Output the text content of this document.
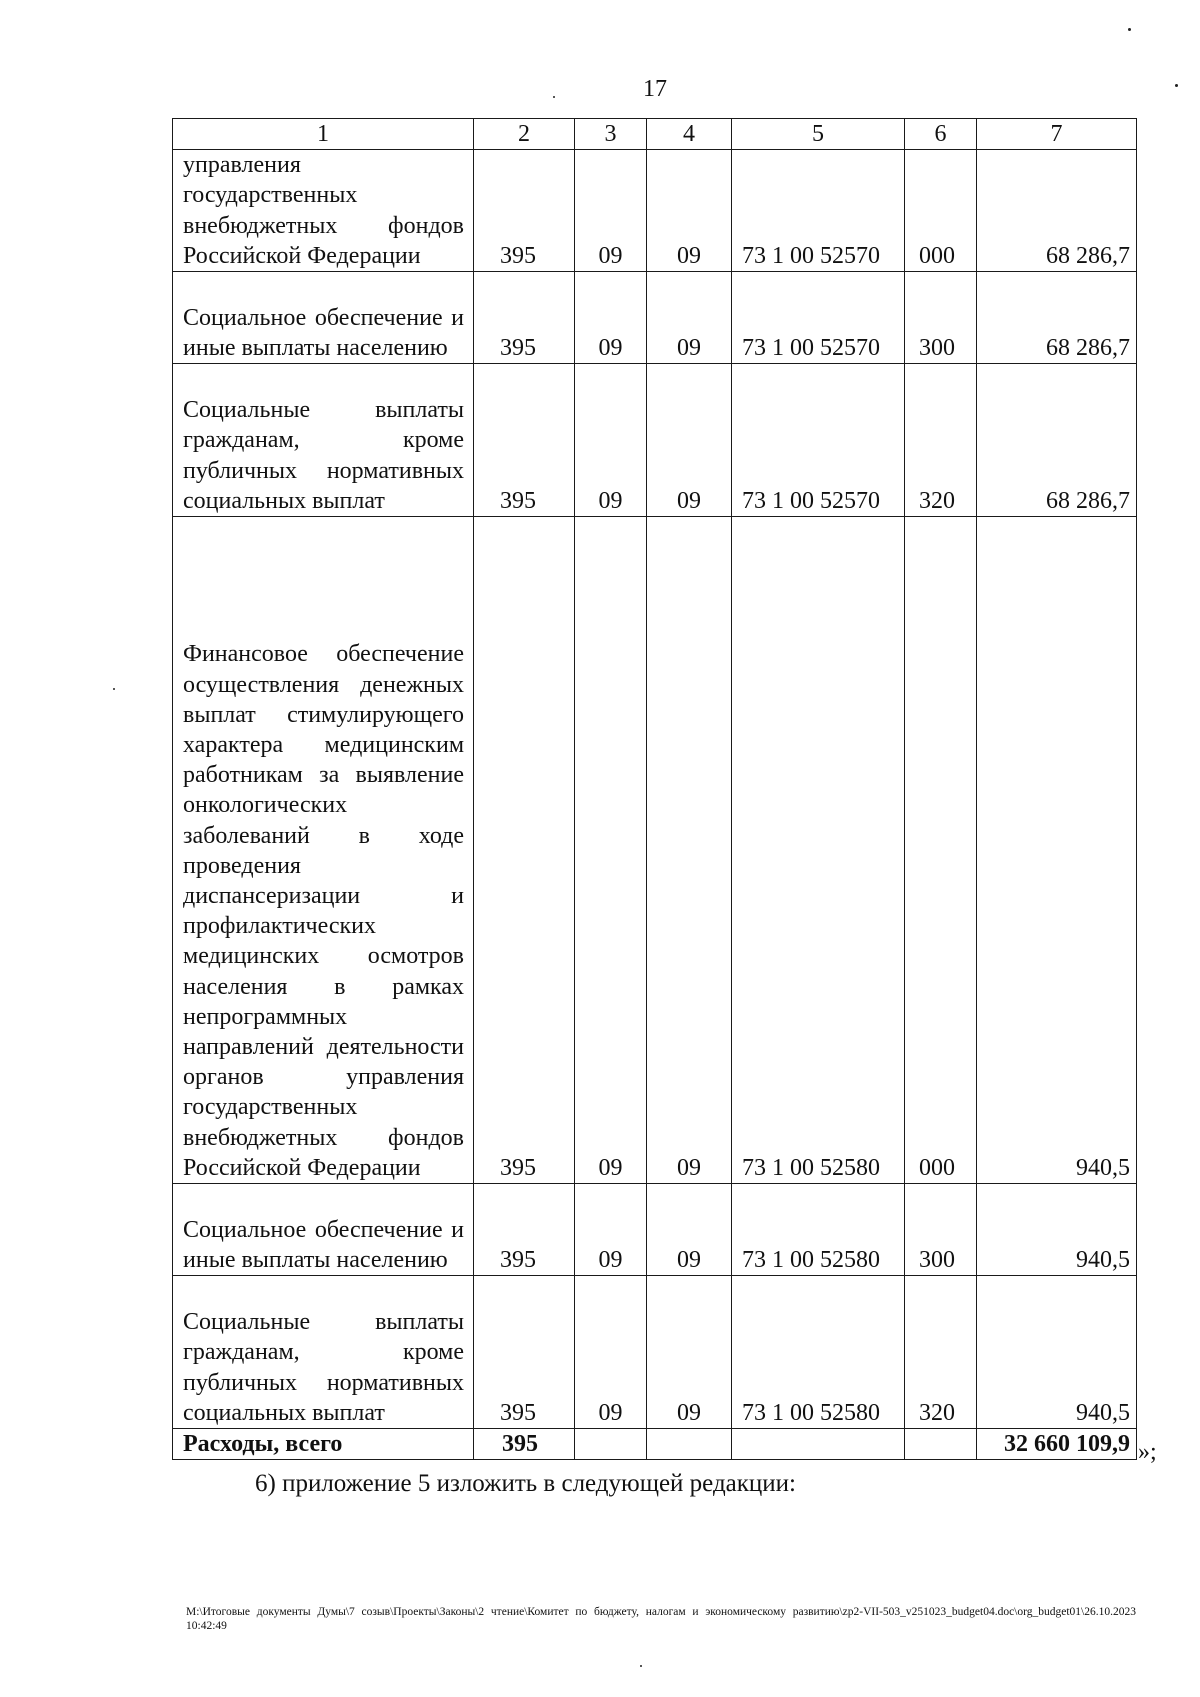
17
1	2	3	4	5	6	7
управления государственных внебюджетных фондов Российской Федерации	395	09	09	73 1 00 52570	000	68 286,7
Социальное обеспечение и иные выплаты населению	395	09	09	73 1 00 52570	300	68 286,7
Социальные выплаты гражданам, кроме публичных нормативных социальных выплат	395	09	09	73 1 00 52570	320	68 286,7
Финансовое обеспечение осуществления денежных выплат стимулирующего характера медицинским работникам за выявление онкологических заболеваний в ходе проведения диспансеризации и профилактических медицинских осмотров населения в рамках непрограммных направлений деятельности органов управления государственных внебюджетных фондов Российской Федерации	395	09	09	73 1 00 52580	000	940,5
Социальное обеспечение и иные выплаты населению	395	09	09	73 1 00 52580	300	940,5
Социальные выплаты гражданам, кроме публичных нормативных социальных выплат	395	09	09	73 1 00 52580	320	940,5
Расходы, всего	395					32 660 109,9 »;
6) приложение 5 изложить в следующей редакции:
M:\Итоговые документы Думы\7 созыв\Проекты\Законы\2 чтение\Комитет по бюджету, налогам и экономическому развитию\zp2-VII-503_v251023_budget04.doc\org_budget01\26.10.2023 10:42:49
